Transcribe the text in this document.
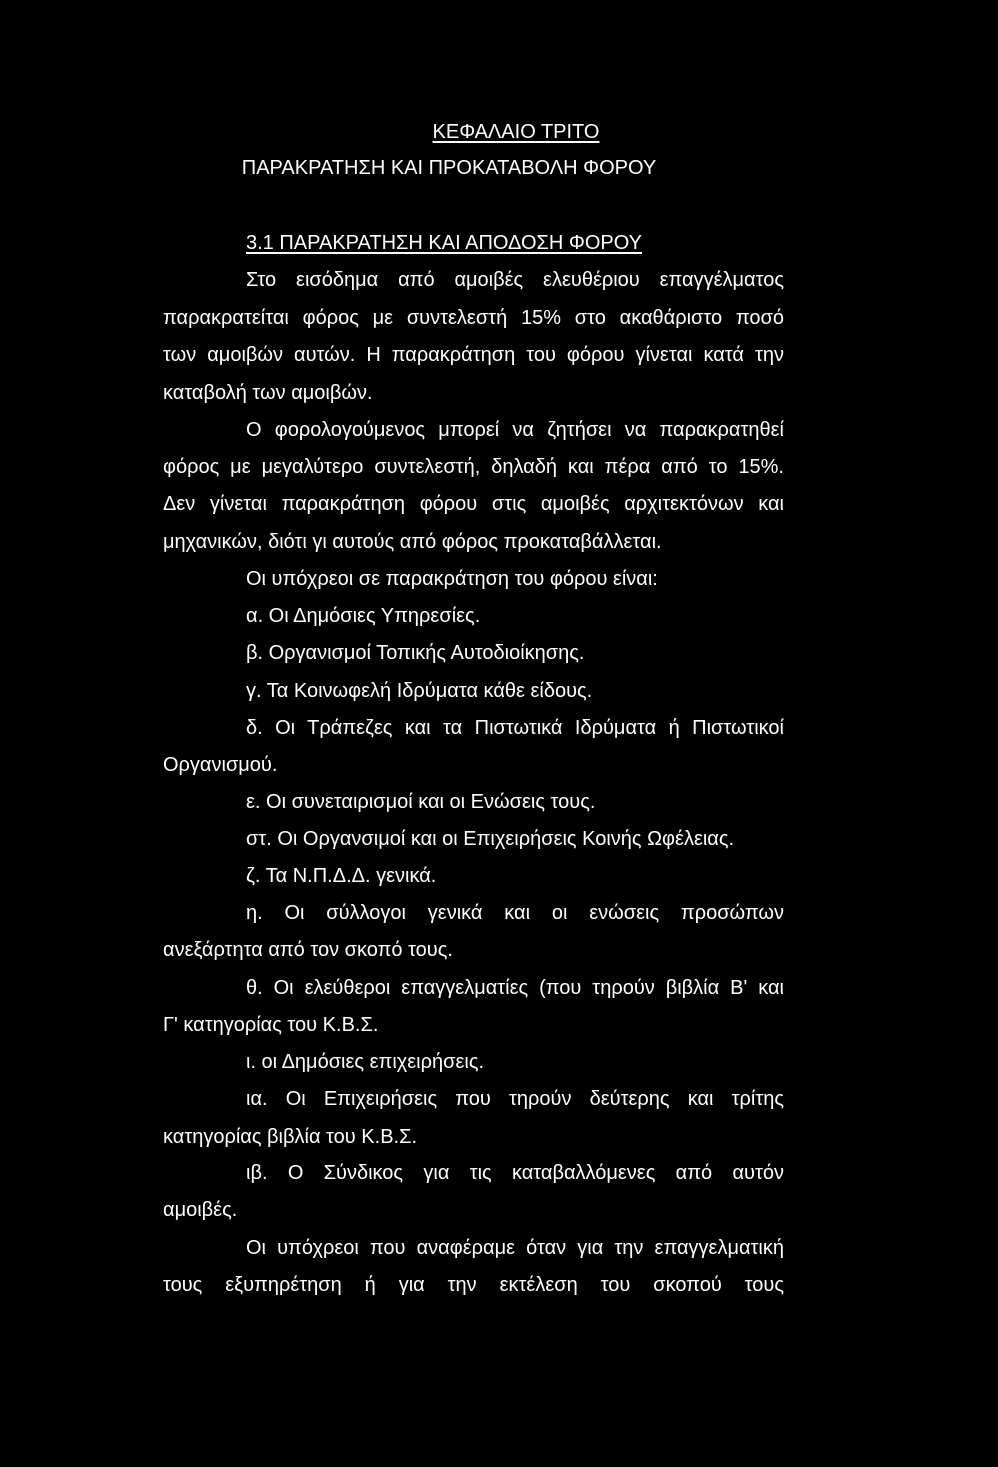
ΚΕΦΑΛΑΙΟ ΤΡΙΤΟ
ΠΑΡΑΚΡΑΤΗΣΗ ΚΑΙ ΠΡΟΚΑΤΑΒΟΛΗ ΦΟΡΟΥ
3.1 ΠΑΡΑΚΡΑΤΗΣΗ ΚΑΙ ΑΠΟΔΟΣΗ ΦΟΡΟΥ
Στο εισόδημα από αμοιβές ελευθέριου επαγγέλματος
παρακρατείται φόρος με συντελεστή 15% στο ακαθάριστο ποσό
των αμοιβών αυτών. Η παρακράτηση του φόρου γίνεται κατά την
καταβολή των αμοιβών.
Ο φορολογούμενος μπορεί να ζητήσει να παρακρατηθεί
φόρος με μεγαλύτερο συντελεστή, δηλαδή και πέρα από το 15%.
Δεν γίνεται παρακράτηση φόρου στις αμοιβές αρχιτεκτόνων και
μηχανικών, διότι γι αυτούς από φόρος προκαταβάλλεται.
Οι υπόχρεοι σε παρακράτηση του φόρου είναι:
α. Οι Δημόσιες Υπηρεσίες.
β. Οργανισμοί Τοπικής Αυτοδιοίκησης.
γ. Τα Κοινωφελή Ιδρύματα κάθε είδους.
δ. Οι Τράπεζες και τα Πιστωτικά Ιδρύματα ή Πιστωτικοί
Οργανισμού.
ε. Οι συνεταιρισμοί και οι Ενώσεις τους.
στ. Οι Οργανσιμοί και οι Επιχειρήσεις Κοινής Ωφέλειας.
ζ. Τα Ν.Π.Δ.Δ. γενικά.
η. Οι σύλλογοι γενικά και οι ενώσεις προσώπων
ανεξάρτητα από τον σκοπό τους.
θ. Οι ελεύθεροι επαγγελματίες (που τηρούν βιβλία Β' και
Γ' κατηγορίας του Κ.Β.Σ.
ι. οι Δημόσιες επιχειρήσεις.
ια. Οι Επιχειρήσεις που τηρούν δεύτερης και τρίτης
κατηγορίας βιβλία του Κ.Β.Σ.
ιβ. Ο Σύνδικος για τις καταβαλλόμενες από αυτόν
αμοιβές.
Οι υπόχρεοι που αναφέραμε όταν για την επαγγελματική
τους εξυπηρέτηση ή για την εκτέλεση του σκοπού τους
